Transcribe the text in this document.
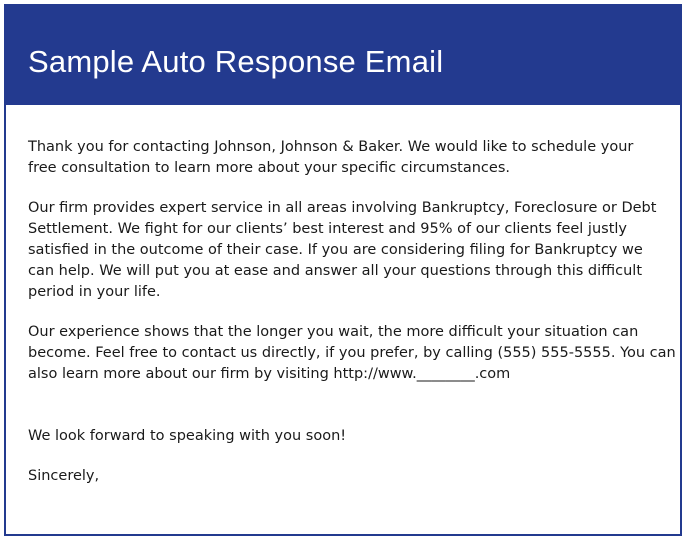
Sample Auto Response Email

Thank you for contacting Johnson, Johnson & Baker. We would like to schedule your

free consultation to learn more about your specific circumstances.

Our firm provides expert service in all areas involving Bankruptcy, Foreclosure or Debt

Settlement. We fight for our clients’ best interest and 95% of our clients feel justly

satisfied in the outcome of their case. If you are considering filing for Bankruptcy we

can help. We will put you at ease and answer all your questions through this difficult

period in your life.

Our experience shows that the longer you wait, the more difficult your situation can

become. Feel free to contact us directly, if you prefer, by calling (555) 555-5555. You can

also learn more about our firm by visiting http://www.________.com

We look forward to speaking with you soon!

Sincerely,
